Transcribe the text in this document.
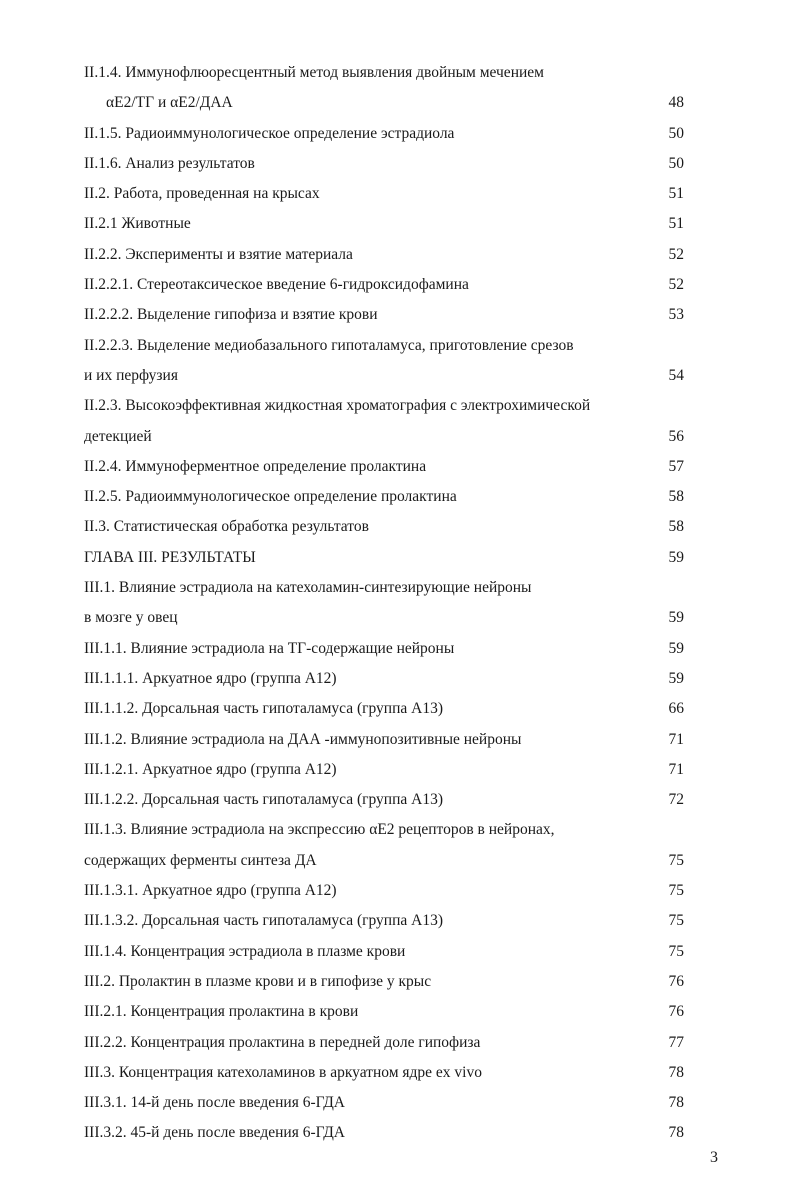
II.1.4. Иммунофлюоресцентный метод выявления двойным мечением
αE2/ТГ и αE2/ДАА	48
II.1.5. Радиоиммунологическое определение эстрадиола	50
II.1.6. Анализ результатов	50
II.2. Работа, проведенная на крысах	51
II.2.1 Животные	51
II.2.2. Эксперименты и взятие материала	52
II.2.2.1. Стереотаксическое введение 6-гидроксидофамина	52
II.2.2.2. Выделение гипофиза и взятие крови	53
II.2.2.3. Выделение медиобазального гипоталамуса, приготовление срезов
и их перфузия	54
II.2.3. Высокоэффективная жидкостная хроматография с электрохимической
детекцией	56
II.2.4. Иммуноферментное определение пролактина	57
II.2.5. Радиоиммунологическое определение пролактина	58
II.3. Статистическая обработка результатов	58
ГЛАВА III. РЕЗУЛЬТАТЫ	59
III.1. Влияние эстрадиола на катехоламин-синтезирующие нейроны
в мозге у овец	59
III.1.1. Влияние эстрадиола на ТГ-содержащие нейроны	59
III.1.1.1. Аркуатное ядро (группа А12)	59
III.1.1.2. Дорсальная часть гипоталамуса (группа А13)	66
III.1.2. Влияние эстрадиола на ДАА -иммунопозитивные нейроны	71
III.1.2.1. Аркуатное ядро (группа А12)	71
III.1.2.2. Дорсальная часть гипоталамуса (группа А13)	72
III.1.3. Влияние эстрадиола на экспрессию αE2 рецепторов в нейронах,
содержащих ферменты синтеза ДА	75
III.1.3.1. Аркуатное ядро (группа А12)	75
III.1.3.2. Дорсальная часть гипоталамуса (группа А13)	75
III.1.4. Концентрация эстрадиола в плазме крови	75
III.2. Пролактин в плазме крови и в гипофизе у крыс	76
III.2.1. Концентрация пролактина в крови	76
III.2.2. Концентрация пролактина в передней доле гипофиза	77
III.3. Концентрация катехоламинов в аркуатном ядре ex vivo	78
III.3.1. 14-й день после введения 6-ГДА	78
III.3.2. 45-й день после введения 6-ГДА	78
3
